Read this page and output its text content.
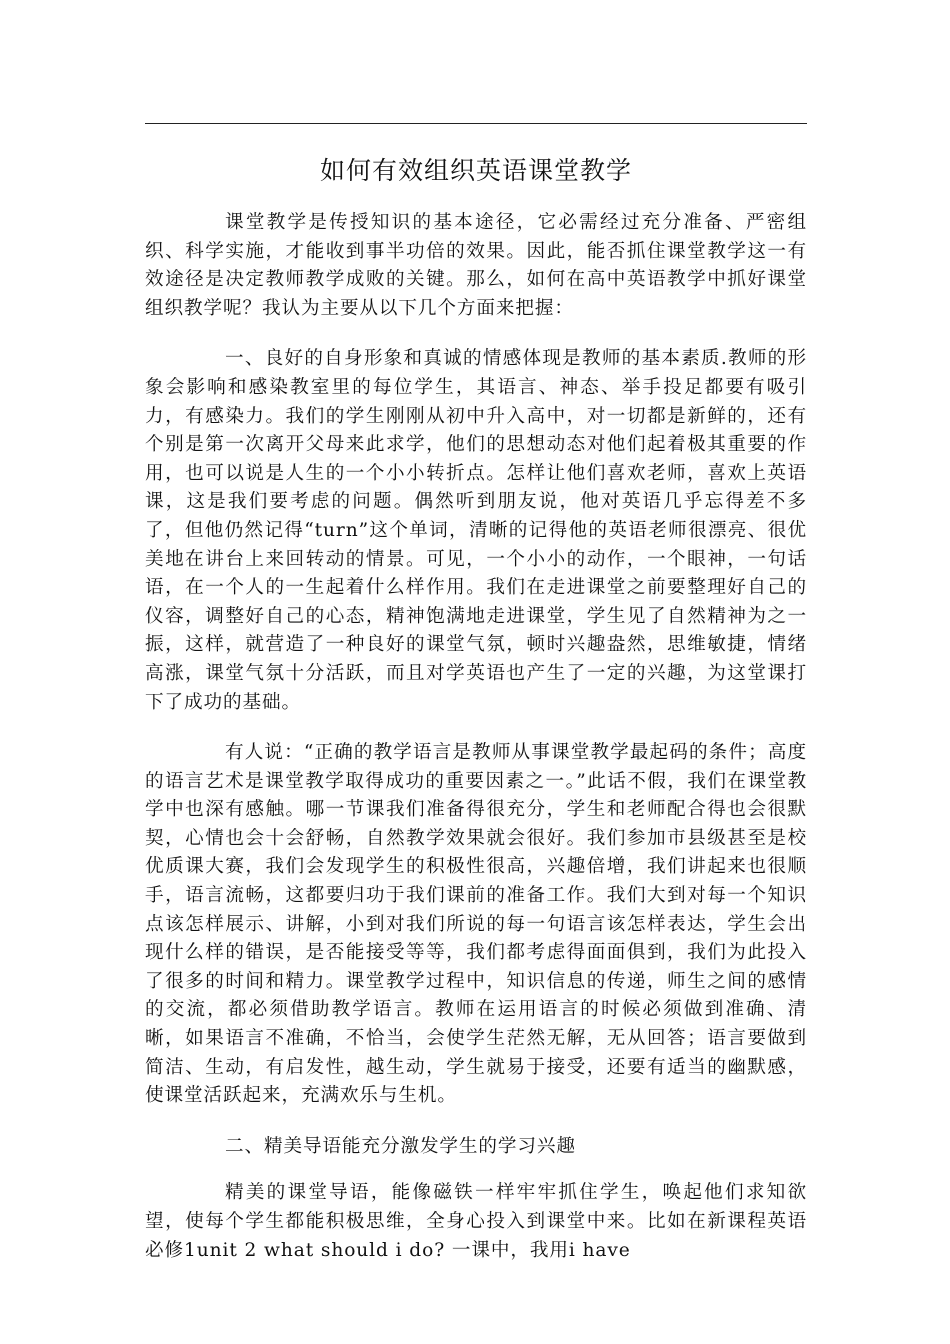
如何有效组织英语课堂教学

课堂教学是传授知识的基本途径，它必需经过充分准备、严密组织、科学实施，才能收到事半功倍的效果。因此，能否抓住课堂教学这一有效途径是决定教师教学成败的关键。那么，如何在高中英语教学中抓好课堂组织教学呢？我认为主要从以下几个方面来把握：

一、良好的自身形象和真诚的情感体现是教师的基本素质.教师的形象会影响和感染教室里的每位学生，其语言、神态、举手投足都要有吸引力，有感染力。我们的学生刚刚从初中升入高中，对一切都是新鲜的，还有个别是第一次离开父母来此求学，他们的思想动态对他们起着极其重要的作用，也可以说是人生的一个小小转折点。怎样让他们喜欢老师，喜欢上英语课，这是我们要考虑的问题。偶然听到朋友说，他对英语几乎忘得差不多了，但他仍然记得“turn”这个单词，清晰的记得他的英语老师很漂亮、很优美地在讲台上来回转动的情景。可见，一个小小的动作，一个眼神，一句话语，在一个人的一生起着什么样作用。我们在走进课堂之前要整理好自己的仪容，调整好自己的心态，精神饱满地走进课堂，学生见了自然精神为之一振，这样，就营造了一种良好的课堂气氛，顿时兴趣盎然，思维敏捷，情绪高涨，课堂气氛十分活跃，而且对学英语也产生了一定的兴趣，为这堂课打下了成功的基础。

有人说：“正确的教学语言是教师从事课堂教学最起码的条件；高度的语言艺术是课堂教学取得成功的重要因素之一。”此话不假，我们在课堂教学中也深有感触。哪一节课我们准备得很充分，学生和老师配合得也会很默契，心情也会十会舒畅，自然教学效果就会很好。我们参加市县级甚至是校优质课大赛，我们会发现学生的积极性很高，兴趣倍增，我们讲起来也很顺手，语言流畅，这都要归功于我们课前的准备工作。我们大到对每一个知识点该怎样展示、讲解，小到对我们所说的每一句语言该怎样表达，学生会出现什么样的错误，是否能接受等等，我们都考虑得面面俱到，我们为此投入了很多的时间和精力。课堂教学过程中，知识信息的传递，师生之间的感情的交流，都必须借助教学语言。教师在运用语言的时候必须做到准确、清晰，如果语言不准确，不恰当，会使学生茫然无解，无从回答；语言要做到简洁、生动，有启发性，越生动，学生就易于接受，还要有适当的幽默感，使课堂活跃起来，充满欢乐与生机。

二、精美导语能充分激发学生的学习兴趣

精美的课堂导语，能像磁铁一样牢牢抓住学生，唤起他们求知欲望，使每个学生都能积极思维，全身心投入到课堂中来。比如在新课程英语必修1unit 2 what should i do? 一课中，我用i have
